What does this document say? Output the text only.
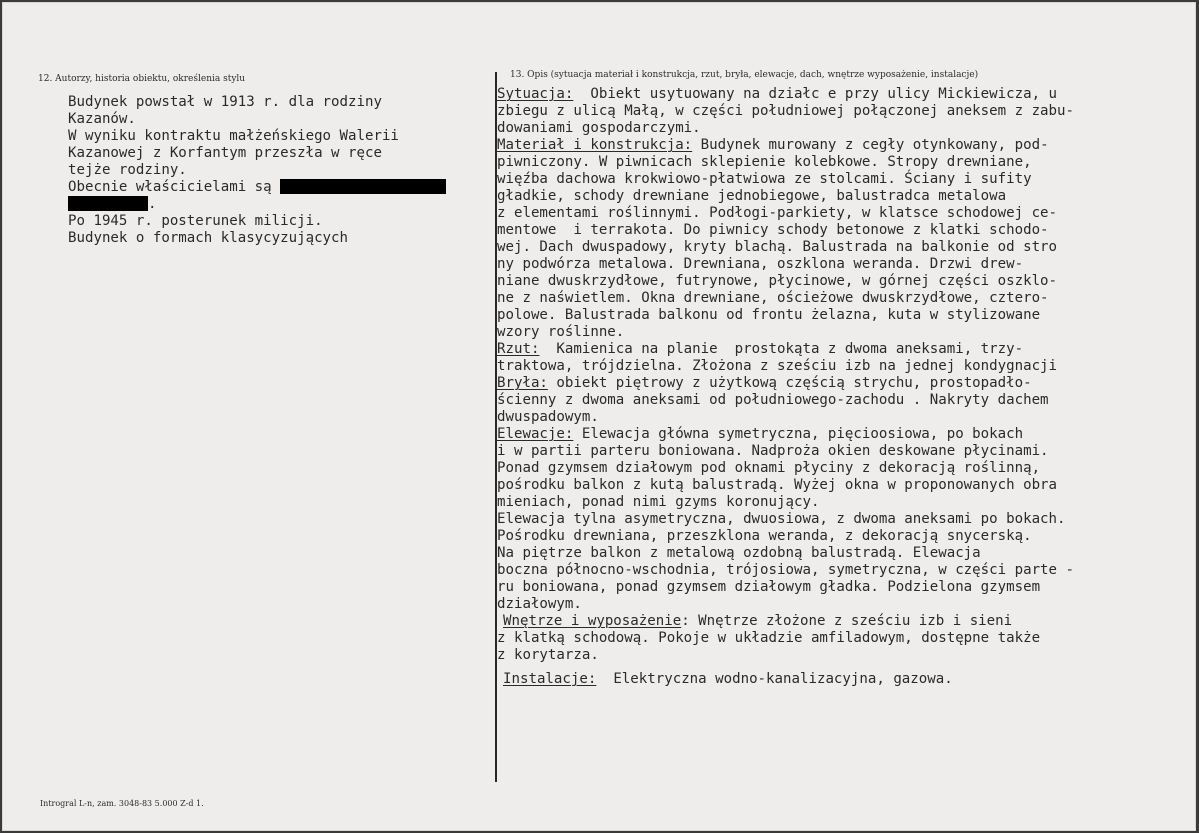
12. Autorzy, historia obiektu, określenia stylu	13. Opis (sytuacja materiał i konstrukcja, rzut, bryła, elewacje, dach, wnętrze wyposażenie, instalacje)
Budynek powstał w 1913 r. dla rodziny
Kazanów.
W wyniku kontraktu małżeńskiego Walerii
Kazanowej z Korfantym przeszła w ręce
tejże rodziny.
Obecnie właścicielami są
.
Po 1945 r. posterunek milicji.
Budynek o formach klasycyzujących
Sytuacja:  Obiekt usytuowany na działc e przy ulicy Mickiewicza, u
zbiegu z ulicą Małą, w części południowej połączonej aneksem z zabu-
dowaniami gospodarczymi.
Materiał i konstrukcja: Budynek murowany z cegły otynkowany, pod-
piwniczony. W piwnicach sklepienie kolebkowe. Stropy drewniane,
więźba dachowa krokwiowo-płatwiowa ze stolcami. Ściany i sufity
gładkie, schody drewniane jednobiegowe, balustradca metalowa
z elementami roślinnymi. Podłogi-parkiety, w klatsce schodowej ce-
mentowe  i terrakota. Do piwnicy schody betonowe z klatki schodo-
wej. Dach dwuspadowy, kryty blachą. Balustrada na balkonie od stro
ny podwórza metalowa. Drewniana, oszklona weranda. Drzwi drew-
niane dwuskrzydłowe, futrynowe, płycinowe, w górnej części oszklo-
ne z naświetlem. Okna drewniane, ościeżowe dwuskrzydłowe, cztero-
polowe. Balustrada balkonu od frontu żelazna, kuta w stylizowane
wzory roślinne.
Rzut:  Kamienica na planie  prostokąta z dwoma aneksami, trzy-
traktowa, trójdzielna. Złożona z sześciu izb na jednej kondygnacji
Bryła: obiekt piętrowy z użytkową częścią strychu, prostopadło-
ścienny z dwoma aneksami od południowego-zachodu . Nakryty dachem
dwuspadowym.
Elewacje: Elewacja główna symetryczna, pięcioosiowa, po bokach
i w partii parteru boniowana. Nadproża okien deskowane płycinami.
Ponad gzymsem działowym pod oknami płyciny z dekoracją roślinną,
pośrodku balkon z kutą balustradą. Wyżej okna w proponowanych obra
mieniach, ponad nimi gzyms koronujący.
Elewacja tylna asymetryczna, dwuosiowa, z dwoma aneksami po bokach.
Pośrodku drewniana, przeszklona weranda, z dekoracją snycerską.
Na piętrze balkon z metalową ozdobną balustradą. Elewacja
boczna północno-wschodnia, trójosiowa, symetryczna, w części parte -
ru boniowana, ponad gzymsem działowym gładka. Podzielona gzymsem
działowym.
Wnętrze i wyposażenie: Wnętrze złożone z sześciu izb i sieni
z klatką schodową. Pokoje w układzie amfiladowym, dostępne także
z korytarza.
Instalacje:  Elektryczna wodno-kanalizacyjna, gazowa.
Introgral L-n, zam. 3048-83 5.000 Z-d 1.
